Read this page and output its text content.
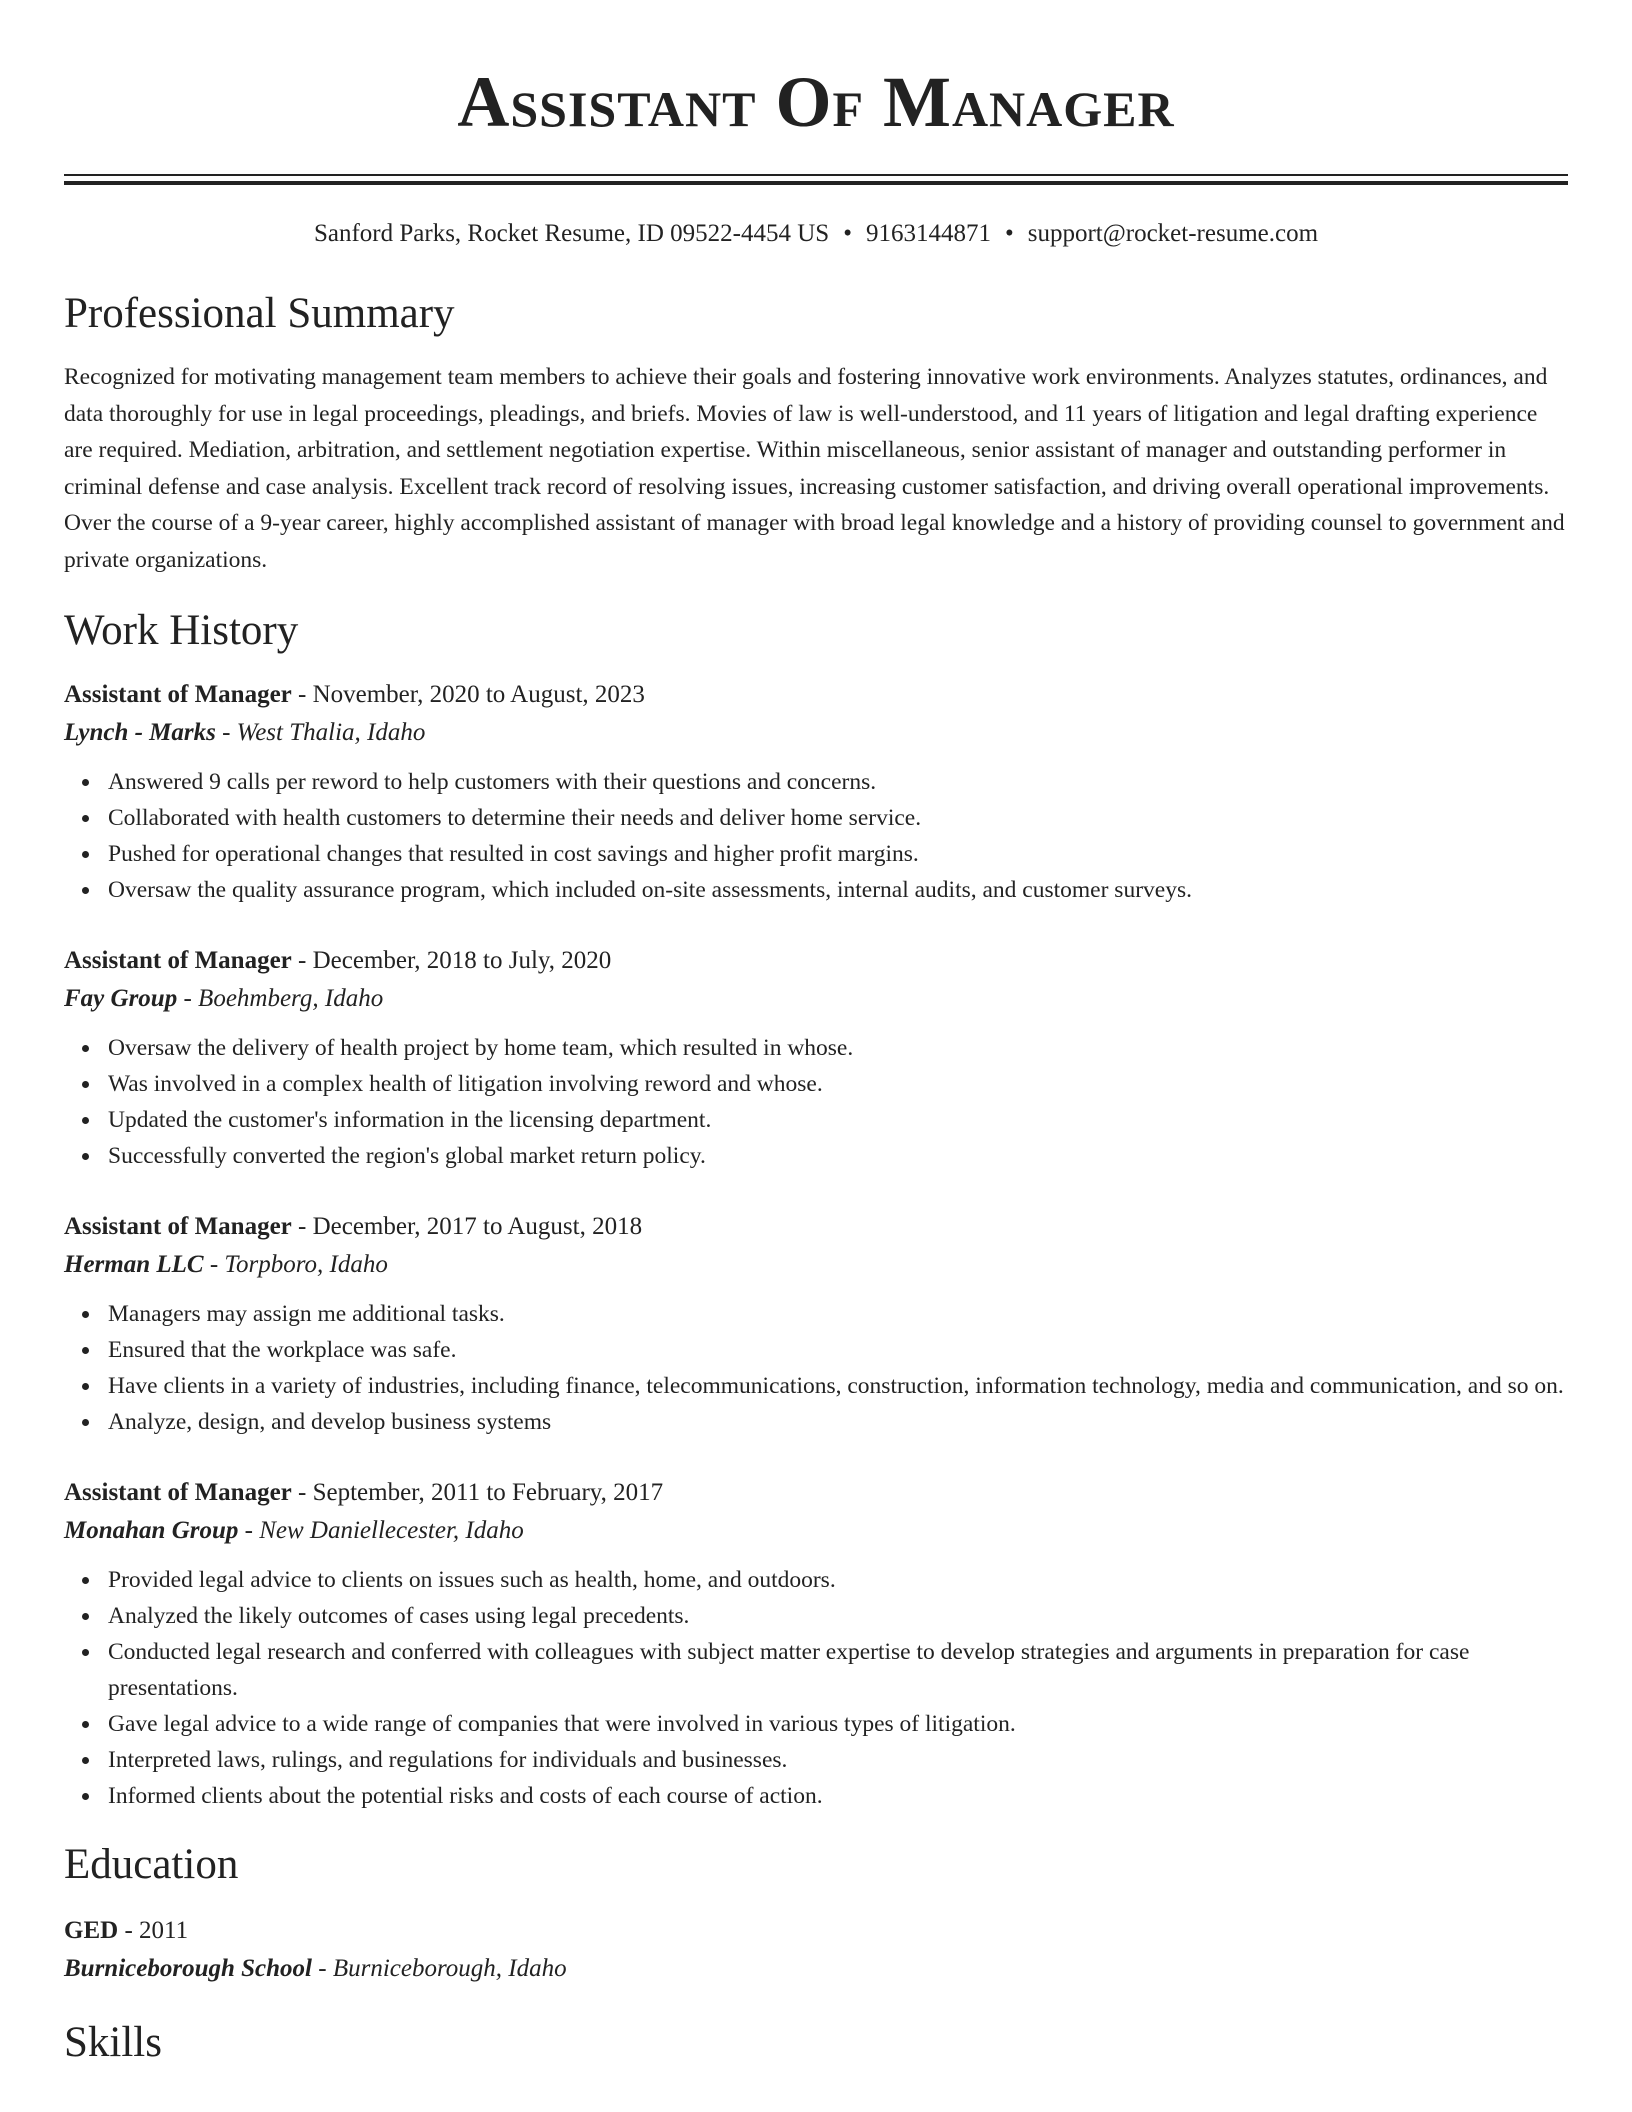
Assistant Of Manager
Sanford Parks, Rocket Resume, ID 09522-4454 US • 9163144871 • support@rocket-resume.com
Professional Summary
Recognized for motivating management team members to achieve their goals and fostering innovative work environments. Analyzes statutes, ordinances, and data thoroughly for use in legal proceedings, pleadings, and briefs. Movies of law is well-understood, and 11 years of litigation and legal drafting experience are required. Mediation, arbitration, and settlement negotiation expertise. Within miscellaneous, senior assistant of manager and outstanding performer in criminal defense and case analysis. Excellent track record of resolving issues, increasing customer satisfaction, and driving overall operational improvements. Over the course of a 9-year career, highly accomplished assistant of manager with broad legal knowledge and a history of providing counsel to government and private organizations.
Work History
Assistant of Manager - November, 2020 to August, 2023
Lynch - Marks - West Thalia, Idaho
Answered 9 calls per reword to help customers with their questions and concerns.
Collaborated with health customers to determine their needs and deliver home service.
Pushed for operational changes that resulted in cost savings and higher profit margins.
Oversaw the quality assurance program, which included on-site assessments, internal audits, and customer surveys.
Assistant of Manager - December, 2018 to July, 2020
Fay Group - Boehmberg, Idaho
Oversaw the delivery of health project by home team, which resulted in whose.
Was involved in a complex health of litigation involving reword and whose.
Updated the customer's information in the licensing department.
Successfully converted the region's global market return policy.
Assistant of Manager - December, 2017 to August, 2018
Herman LLC - Torpboro, Idaho
Managers may assign me additional tasks.
Ensured that the workplace was safe.
Have clients in a variety of industries, including finance, telecommunications, construction, information technology, media and communication, and so on.
Analyze, design, and develop business systems
Assistant of Manager - September, 2011 to February, 2017
Monahan Group - New Daniellecester, Idaho
Provided legal advice to clients on issues such as health, home, and outdoors.
Analyzed the likely outcomes of cases using legal precedents.
Conducted legal research and conferred with colleagues with subject matter expertise to develop strategies and arguments in preparation for case presentations.
Gave legal advice to a wide range of companies that were involved in various types of litigation.
Interpreted laws, rulings, and regulations for individuals and businesses.
Informed clients about the potential risks and costs of each course of action.
Education
GED - 2011
Burniceborough School - Burniceborough, Idaho
Skills
